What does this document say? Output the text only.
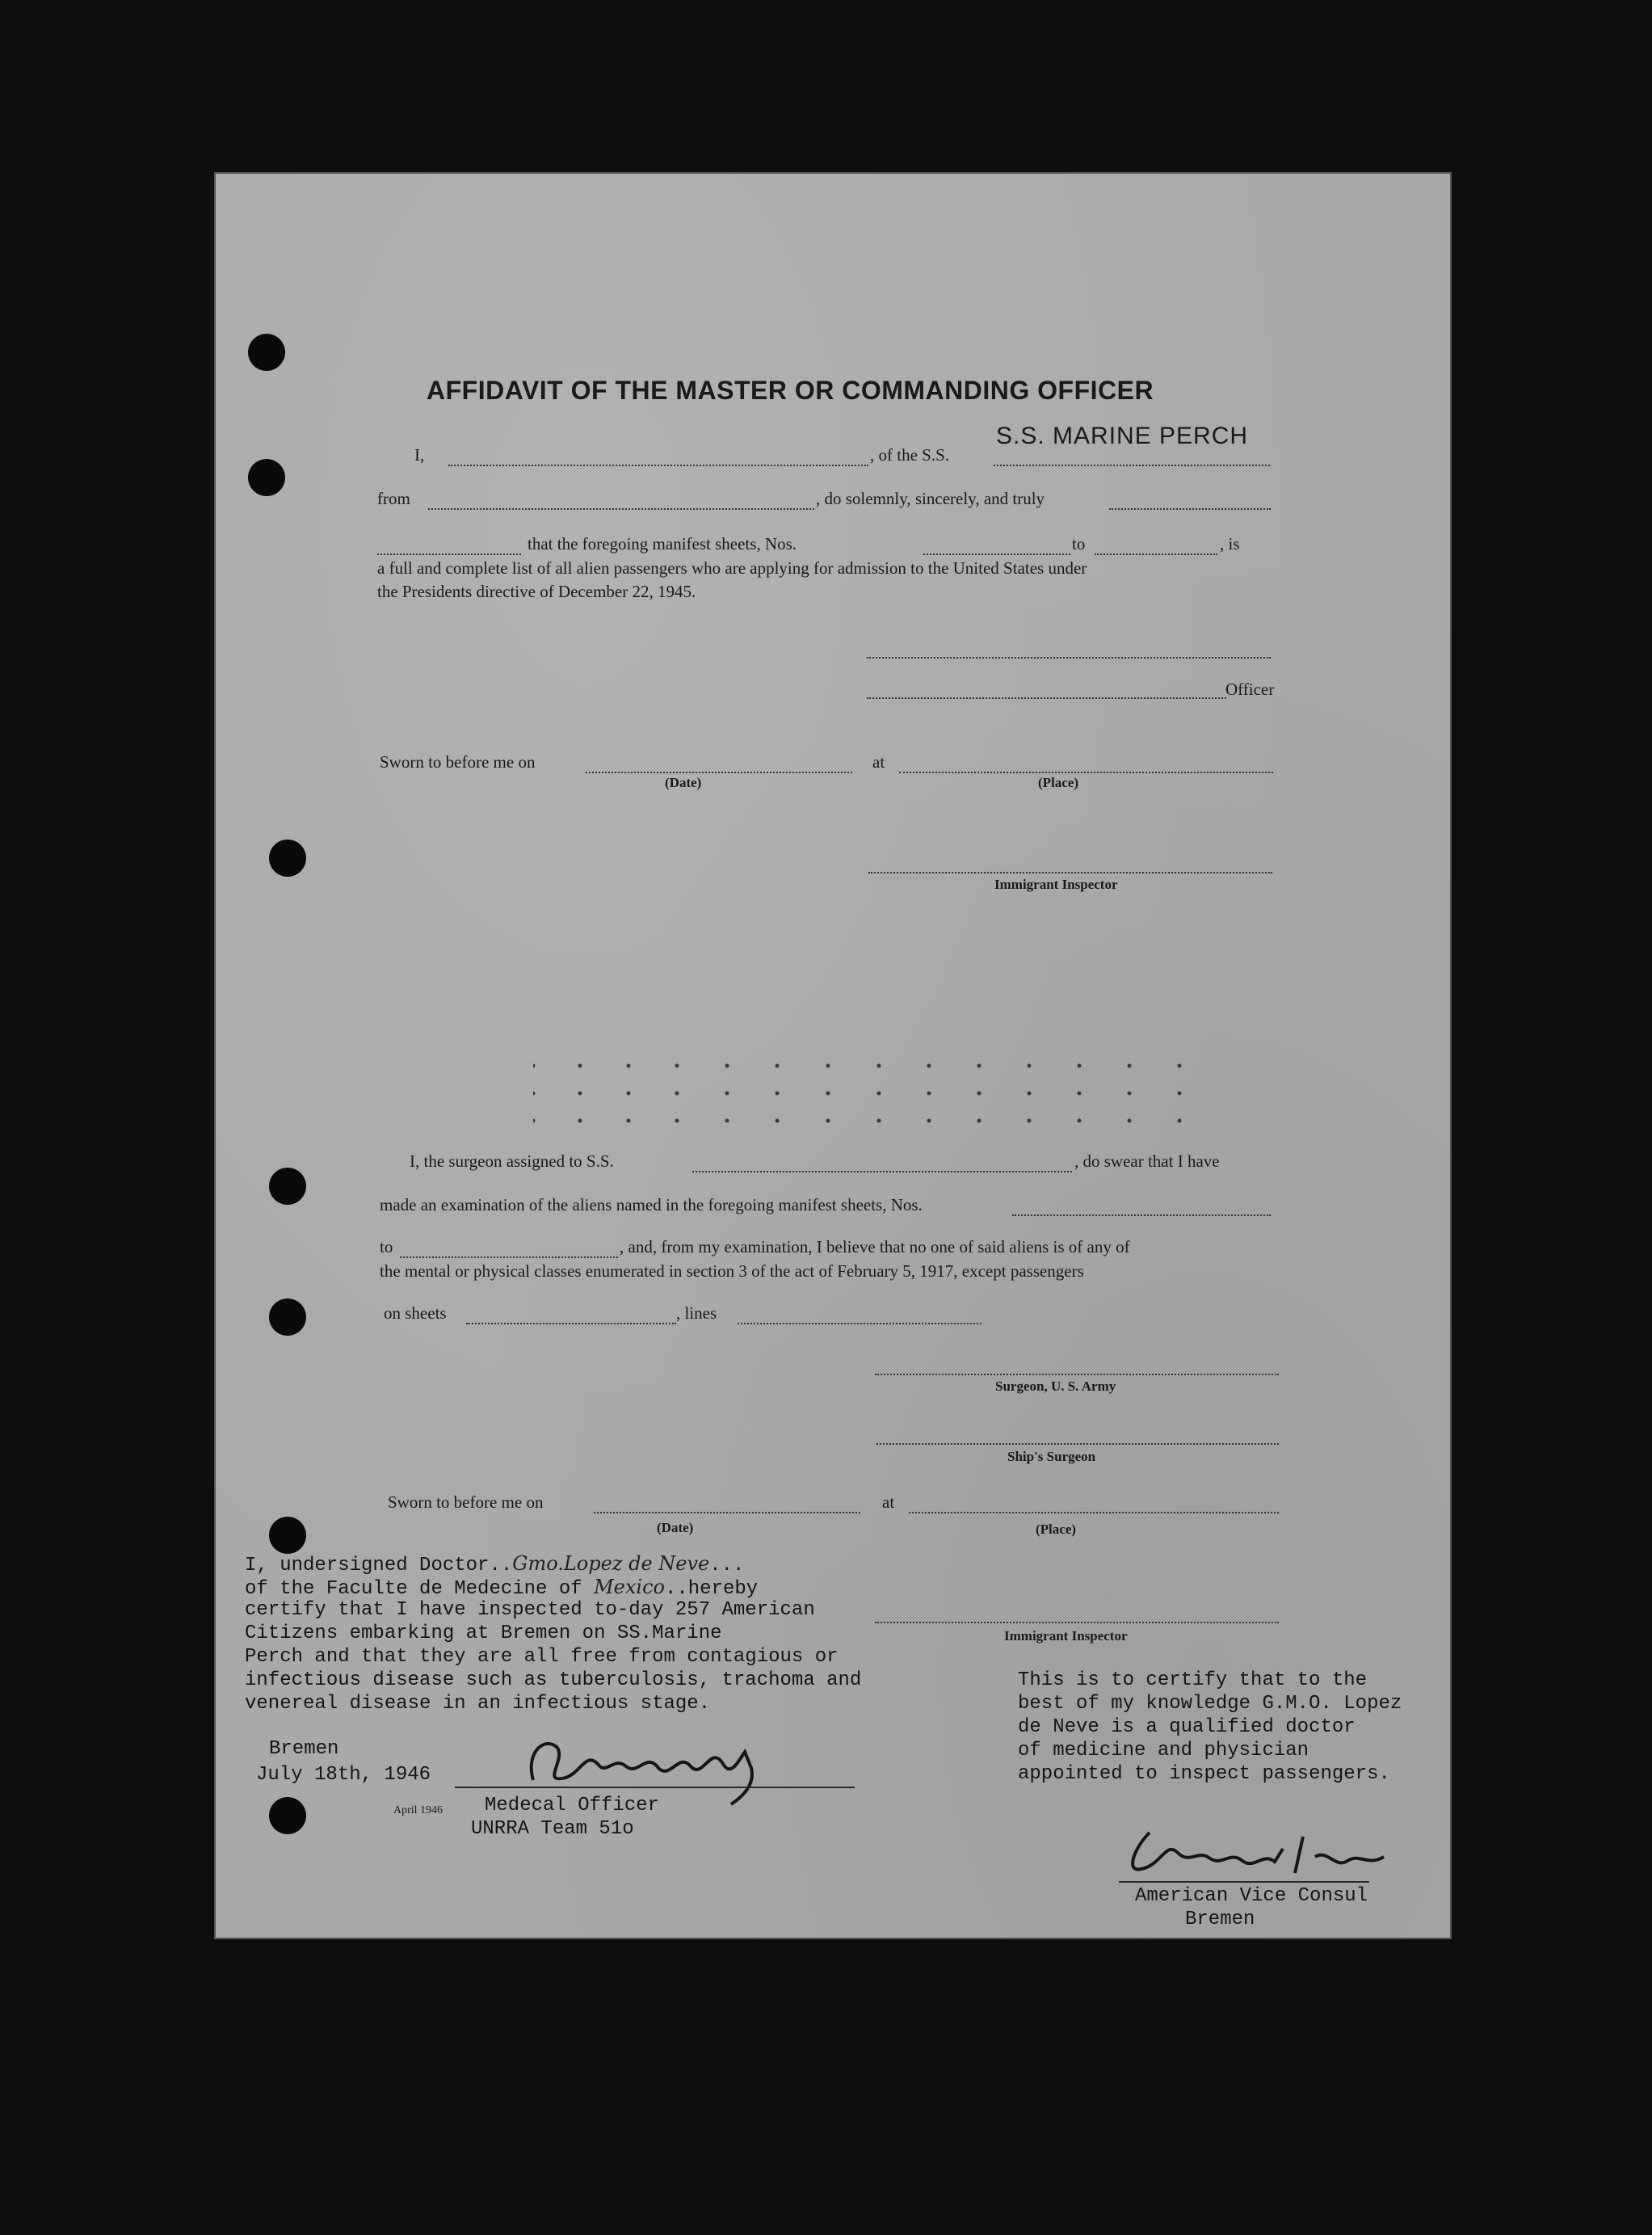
AFFIDAVIT OF THE MASTER OR COMMANDING OFFICER
S.S. MARINE PERCH
I,	, of the S.S.
from	, do solemnly, sincerely, and truly
that the foregoing manifest sheets, Nos.	to	, is
a full and complete list of all alien passengers who are applying for admission to the United States under
the Presidents directive of December 22, 1945.
Officer
Sworn to before me on	at
(Date)	(Place)
Immigrant Inspector
I, the surgeon assigned to S.S.	, do swear that I have
made an examination of the aliens named in the foregoing manifest sheets, Nos.
to	, and, from my examination, I believe that no one of said aliens is of any of
the mental or physical classes enumerated in section 3 of the act of February 5, 1917, except passengers
on sheets	, lines
Surgeon, U. S. Army
Ship's Surgeon
Sworn to before me on	at
(Date)	(Place)
Immigrant Inspector
I, undersigned Doctor..Gmo.Lopez de Neve...
of the Faculte de Medecine of Mexico..hereby
certify that I have inspected to-day 257 American
Citizens embarking at Bremen on SS.Marine
Perch and that they are all free from contagious or
infectious disease such as tuberculosis, trachoma and
venereal disease in an infectious stage.
Bremen
July 18th, 1946
April 1946 Medecal Officer
UNRRA Team 51o
This is to certify that to the
best of my knowledge G.M.O. Lopez
de Neve is a qualified doctor
of medicine and physician
appointed to inspect passengers.
American Vice Consul
Bremen
